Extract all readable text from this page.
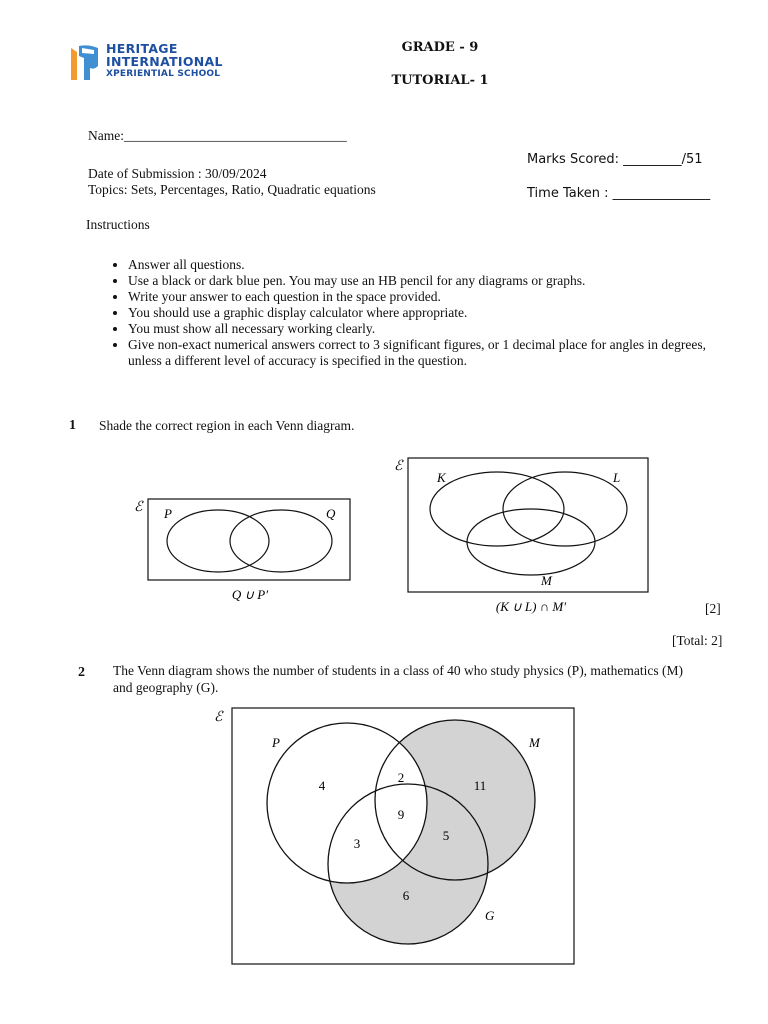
HERITAGE
INTERNATIONAL
XPERIENTIAL SCHOOL
GRADE - 9
TUTORIAL- 1
Name:_________________________________
Marks Scored: _________/51
Date of Submission : 30/09/2024
Topics: Sets, Percentages, Ratio, Quadratic equations	Time Taken : _______________
Instructions
• Answer all questions.
• Use a black or dark blue pen. You may use an HB pencil for any diagrams or graphs.
• Write your answer to each question in the space provided.
• You should use a graphic display calculator where appropriate.
• You must show all necessary working clearly.
• Give non-exact numerical answers correct to 3 significant figures, or 1 decimal place for angles in degrees, unless a different level of accuracy is specified in the question.
1 Shade the correct region in each Venn diagram.
ℰ P	Q
Q ∪ P′
ℰ
K	L
M
(K ∪ L) ∩ M′	[2]
[Total: 2]
2 The Venn diagram shows the number of students in a class of 40 who study physics (P), mathematics (M)
and geography (G).
ℰ
P	M
G
4
2
11
9
3
5
6
